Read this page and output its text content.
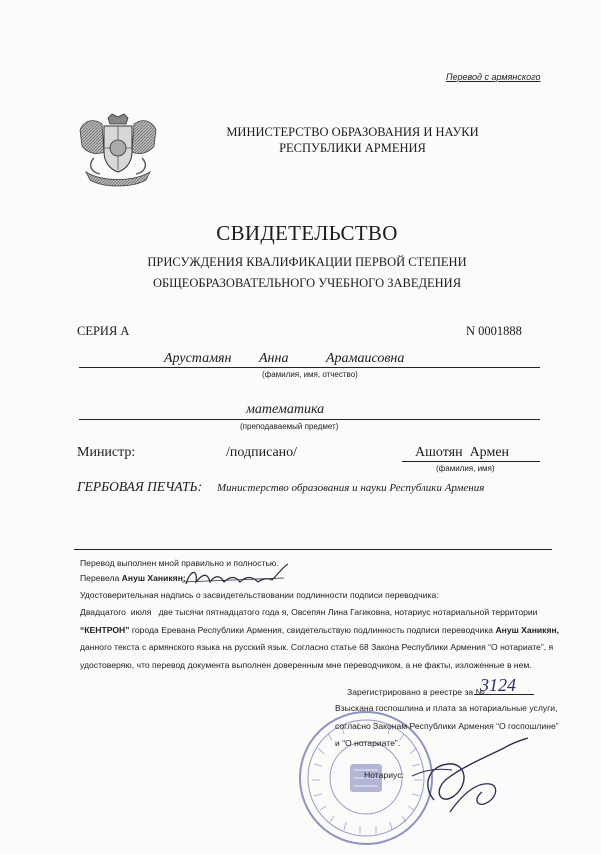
Перевод с армянского
МИНИСТЕРСТВО ОБРАЗОВАНИЯ И НАУКИ
РЕСПУБЛИКИ АРМЕНИЯ
СВИДЕТЕЛЬСТВО
ПРИСУЖДЕНИЯ КВАЛИФИКАЦИИ ПЕРВОЙ СТЕПЕНИ
ОБЩЕОБРАЗОВАТЕЛЬНОГО УЧЕБНОГО ЗАВЕДЕНИЯ
СЕРИЯ А	N 0001888
Арустамян Анна	Арамаисовна
(фамилия, имя, отчество)
математика
(преподаваемый предмет)
Министр:	/подписано/	Ашотян  Армен
(фамилия, имя)
ГЕРБОВАЯ ПЕЧАТЬ: Министерство образования и науки Республики Армения
Перевод выполнен мной правильно и полностью.
Перевела Ануш Ханикян:
Удостоверительная надпись о засвидетельствовании подлинности подписи переводчика:
Двадцатого  июля   две тысячи пятнадцатого года я, Овсепян Лина Гагиковна, нотариус нотариальной территории
“КЕНТРОН” города Еревана Республики Армения, свидетельствую подлинность подписи переводчика Ануш Ханикян,
данного текста с армянского языка на русский язык. Согласно статье 68 Закона Республики Армения “О нотариате”, я
удостоверяю, что перевод документа выполнен доверенным мне переводчиком, а не факты, изложенные в нем.
Зарегистрировано в реестре за №
3124
Взыскана госпошлина и плата за нотариальные услуги,
согласно Законам Республики Армения “О госпошлине”
и “О нотариате”.
Нотариус:
